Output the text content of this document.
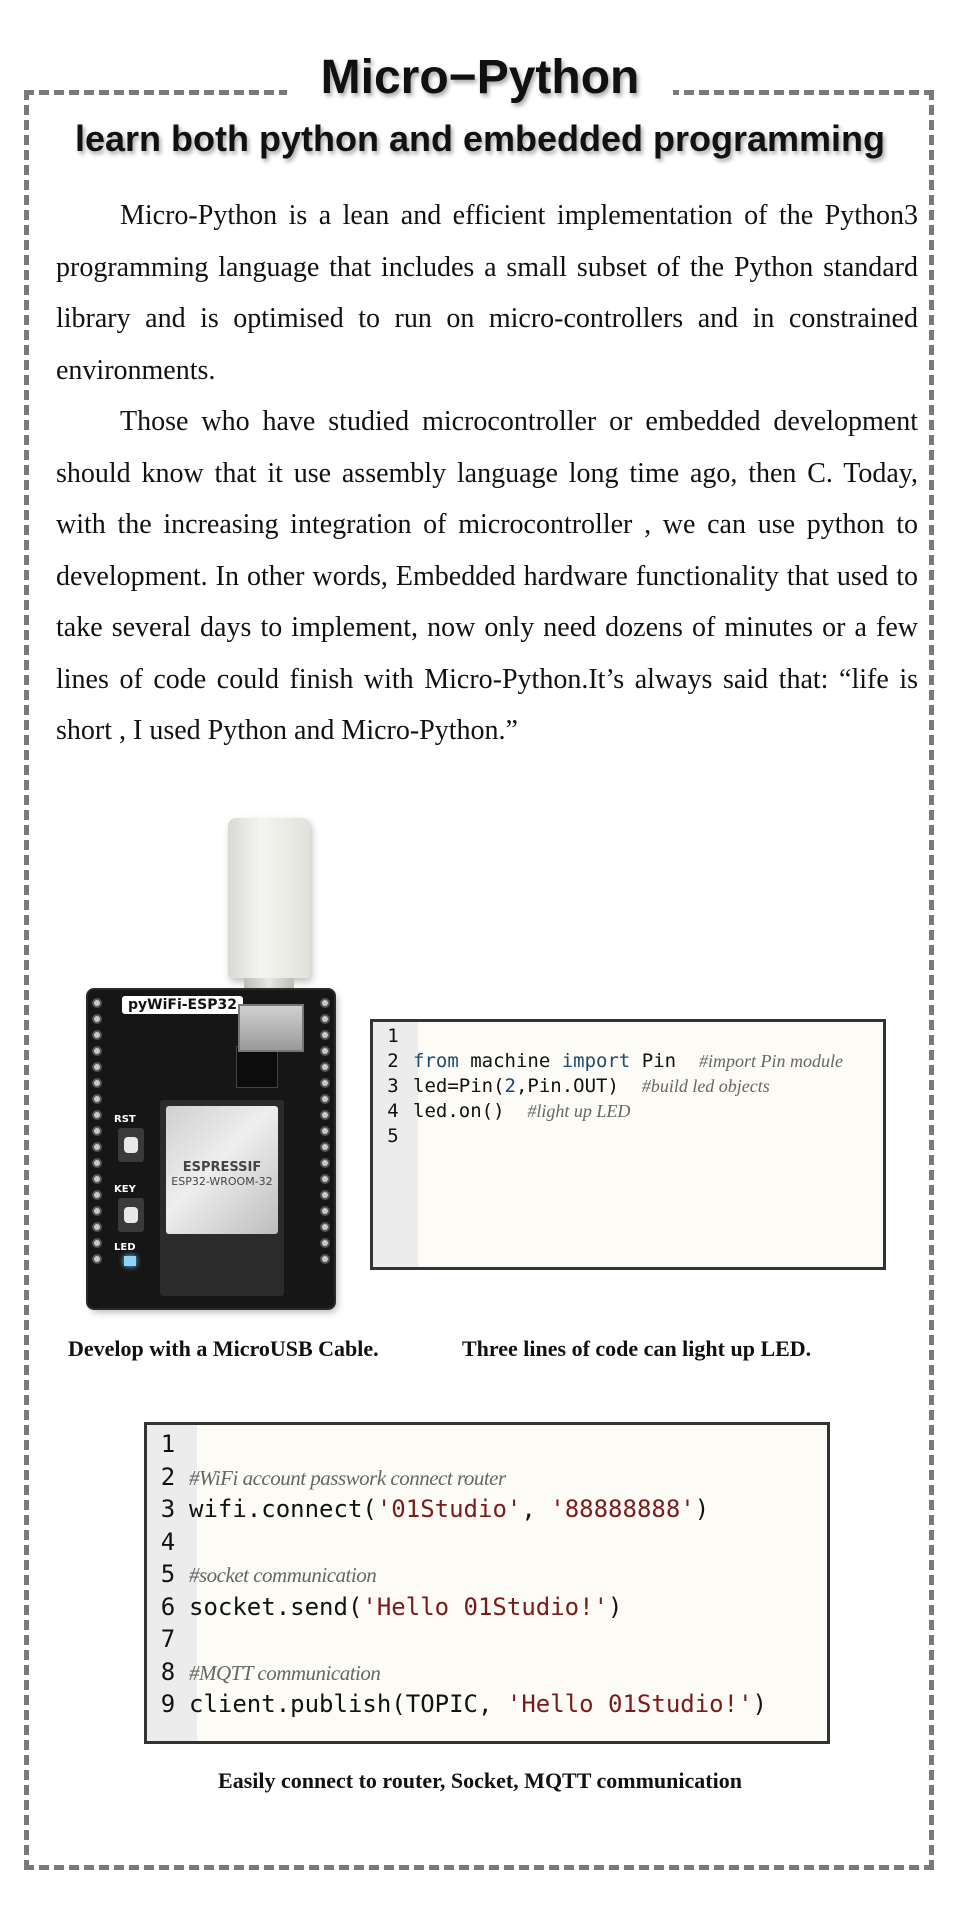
Micro−Python
learn both python and embedded programming

Micro-Python is a lean and efficient implementation of the Python3 programming language that includes a small subset of the Python standard library and is optimised to run on micro-controllers and in constrained environments.

Those who have studied microcontroller or embedded development should know that it use assembly language long time ago, then C. Today, with the increasing integration of microcontroller , we can use python to development. In other words, Embedded hardware functionality that used to take several days to implement, now only need dozens of minutes or a few lines of code could finish with Micro-Python.It’s always said that: “life is short , I used Python and Micro-Python.”

pyWiFi-ESP32
RST
KEY
LED
ESPRESSIF
ESP32-WROOM-32
1
2 from machine import Pin  #import Pin module
3 led=Pin(2,Pin.OUT)  #build led objects
4 led.on()  #light up LED
5
Develop with a MicroUSB Cable.	Three lines of code can light up LED.
1
2 #WiFi account passwork connect router
3 wifi.connect('01Studio', '88888888')
4
5 #socket communication
6 socket.send('Hello 01Studio!')
7
8 #MQTT communication
9 client.publish(TOPIC, 'Hello 01Studio!')
Easily connect to router, Socket, MQTT communication
